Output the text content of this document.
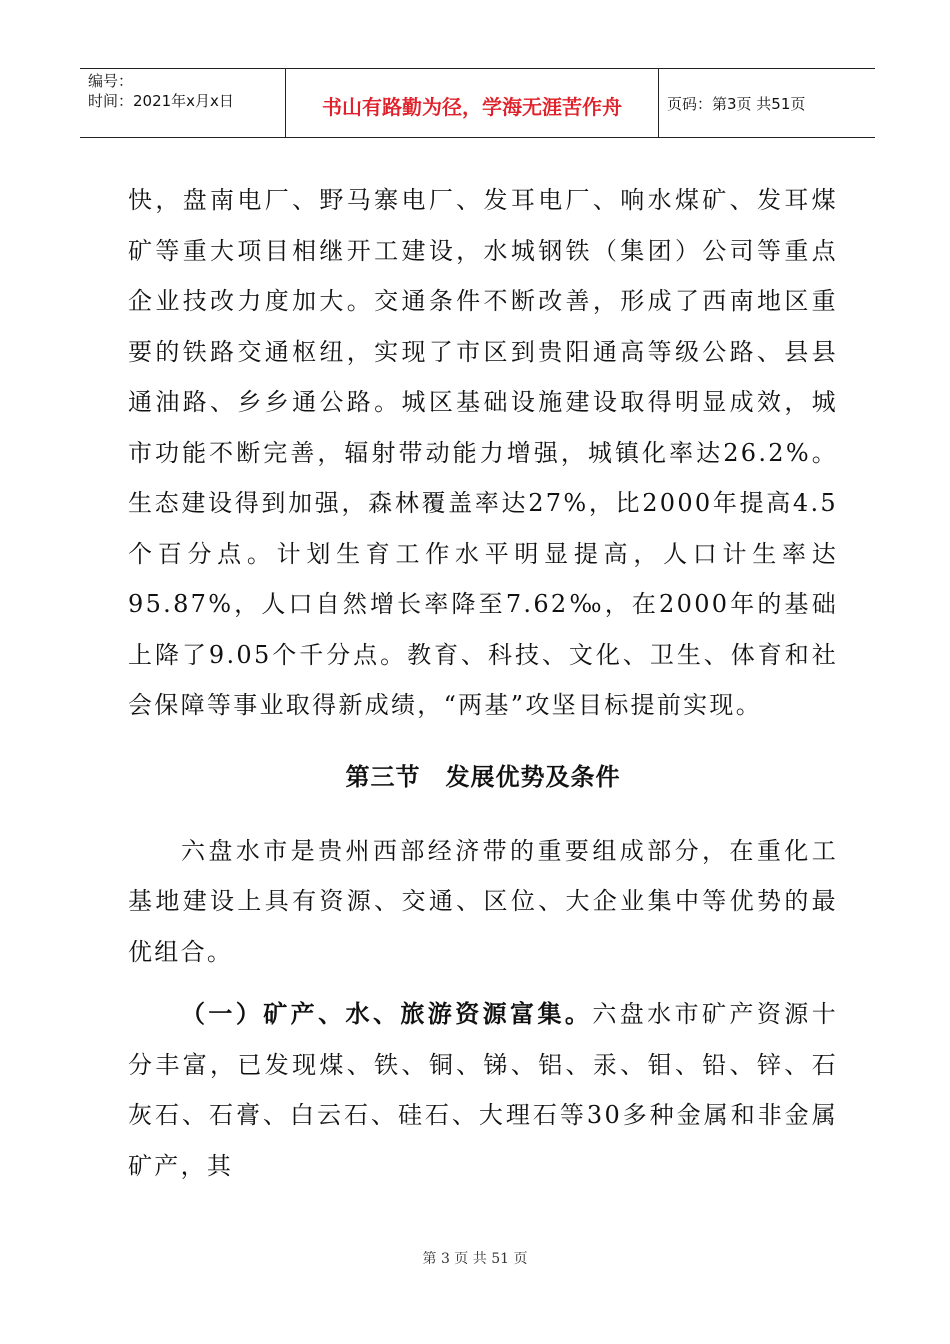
编号：
时间：2021年x月x日	书山有路勤为径，学海无涯苦作舟	页码：第3页 共51页

快，盘南电厂、野马寨电厂、发耳电厂、响水煤矿、发耳煤矿等重大项目相继开工建设，水城钢铁（集团）公司等重点企业技改力度加大。交通条件不断改善，形成了西南地区重要的铁路交通枢纽，实现了市区到贵阳通高等级公路、县县通油路、乡乡通公路。城区基础设施建设取得明显成效，城市功能不断完善，辐射带动能力增强，城镇化率达26.2%。生态建设得到加强，森林覆盖率达27%，比2000年提高4.5个百分点。计划生育工作水平明显提高，人口计生率达95.87%，人口自然增长率降至7.62‰，在2000年的基础上降了9.05个千分点。教育、科技、文化、卫生、体育和社会保障等事业取得新成绩，“两基”攻坚目标提前实现。

第三节　发展优势及条件

六盘水市是贵州西部经济带的重要组成部分，在重化工基地建设上具有资源、交通、区位、大企业集中等优势的最优组合。

（一）矿产、水、旅游资源富集。六盘水市矿产资源十分丰富，已发现煤、铁、铜、锑、铝、汞、钼、铅、锌、石灰石、石膏、白云石、硅石、大理石等30多种金属和非金属矿产，其

第 3 页 共 51 页
